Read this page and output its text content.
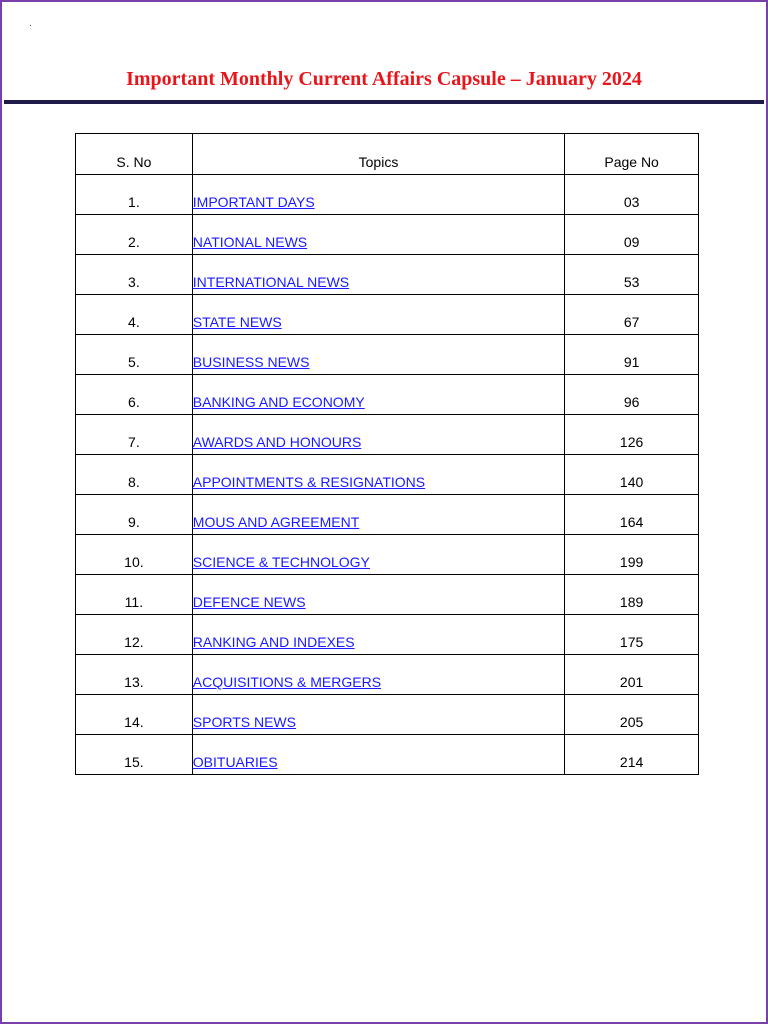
.
Important Monthly Current Affairs Capsule – January 2024
S. No	Topics	Page No
1.	IMPORTANT DAYS	03
2.	NATIONAL NEWS	09
3.	INTERNATIONAL NEWS	53
4.	STATE NEWS	67
5.	BUSINESS NEWS	91
6.	BANKING AND ECONOMY	96
7.	AWARDS AND HONOURS	126
8.	APPOINTMENTS & RESIGNATIONS	140
9.	MOUS AND AGREEMENT	164
10.	SCIENCE & TECHNOLOGY	199
11.	DEFENCE NEWS	189
12.	RANKING AND INDEXES	175
13.	ACQUISITIONS & MERGERS	201
14.	SPORTS NEWS	205
15.	OBITUARIES	214
